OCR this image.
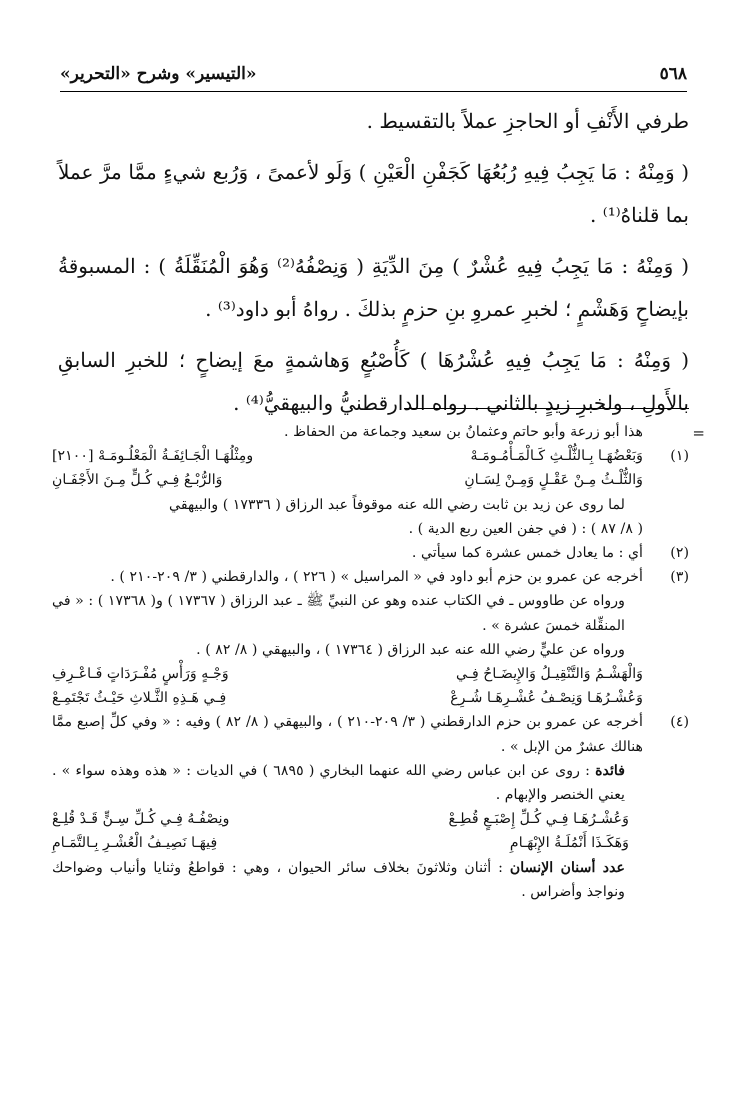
٥٦٨
«التيسير» وشرح «التحرير»

طرفي الأَنْفِ أو الحاجزِ عملاً بالتقسيط .

( وَمِنْهُ : مَا يَجِبُ فِيهِ رُبُعُهَا كَجَفْنِ الْعَيْنِ ) وَلَو لأعمىً ، وَرُبع شيءٍ ممَّا مرَّ عملاً بما قلناهُ⁽¹⁾ .

( وَمِنْهُ : مَا يَجِبُ فِيهِ عُشْرٌ ) مِنَ الدِّيَةِ ( وَنِصْفُهُ⁽²⁾ وَهُوَ الْمُنَقِّلَةُ ) : المسبوقةُ بإيضاحٍ وَهَشْمٍ ؛ لخبرِ عمروِ بنِ حزمٍ بذلكَ . رواهُ أبو داود⁽³⁾ .

( وَمِنْهُ : مَا يَجِبُ فِيهِ عُشْرُهَا ) كَأُصْبُعٍ وَهاشمةٍ معَ إيضاحٍ ؛ للخبرِ السابقِ بالأَولِ ، ولخبرِ زيدٍ بالثاني . رواه الدارقطنيُّ والبيهقيُّ⁽⁴⁾ .

=
هذا أبو زرعة وأبو حاتم وعثمانُ بن سعيد وجماعة من الحفاظ .
(١)
وَبَعْضُهَـا بِـالثُّلْـثِ كَـالْمَـأْمُـومَـهْ
ومِثْلُهَـا الْجَـائِفَـةُ الْمَعْلُـومَـهْ [٢١٠٠]
وَالثُّلْـثُ مِـنْ عَقْـلٍ وَمِـنْ لِسَـانِ
وَالرُّبْـعُ فِـي كُـلٍّ مِـنَ الأَجْفَـانِ
لما روى عن زيد بن ثابت رضي الله عنه موقوفاً عبد الرزاق ( ١٧٣٣٦ ) والبيهقي
( ٨/ ٨٧ ) : ( في جفن العين ربع الدية ) .
(٢)
أي : ما يعادل خمس عشرة كما سيأتي .
(٣)
أخرجه عن عمرو بن حزم أبو داود في « المراسيل » ( ٢٢٦ ) ، والدارقطني ( ٣/ ٢٠٩-٢١٠ ) .
ورواه عن طاووس ـ في الكتاب عنده وهو عن النبيِّ ﷺ ـ عبد الرزاق ( ١٧٣٦٧ ) و( ١٧٣٦٨ ) : « في المنقِّلة خمسَ عشرة » .
ورواه عن عليٍّ رضي الله عنه عبد الرزاق ( ١٧٣٦٤ ) ، والبيهقي ( ٨/ ٨٢ ) .
وَالْهَشْـمُ وَالتَّنْقِيـلُ وَالإِيضَـاحُ فِـي
وَجْـهٍ وَرَأْسٍ مُفْـرَدَاتٍ فَـاعْـرِفِ
وَعُشْـرُهَـا وَنِصْـفُ عُشْـرِهَـا شُـرِعْ
فِـي هَـذِهِ الثَّـلاثِ حَيْـثُ تَجْتَمِـعْ
(٤)
أخرجه عن عمرو بن حزم الدارقطني ( ٣/ ٢٠٩-٢١٠ ) ، والبيهقي ( ٨/ ٨٢ ) وفيه : « وفي كلِّ إصبع ممَّا هنالك عشرٌ من الإبل » .
فائدة : روى عن ابن عباس رضي الله عنهما البخاري ( ٦٨٩٥ ) في الديات : « هذه وهذه سواء » . يعني الخنصر والإبهام .
وَعُشْـرُهَـا فِـي كُـلِّ إِصْبَـعٍ قُطِـعْ
ونِصْفُـهُ فِـي كُـلِّ سِـنٍّ قَـدْ قُلِـعْ
وَهَكَـذَا أَنْمُلَـةُ الإِبْهَـامِ
فِيهَـا نَصِيـفُ الْعُشْـرِ بِـالتَّمَـامِ
عدد أسنان الإنسان : أثنان وثلاثونَ بخلاف سائر الحيوان ، وهي : قواطعُ وثنايا وأنياب وضواحك ونواجذ وأضراس .
